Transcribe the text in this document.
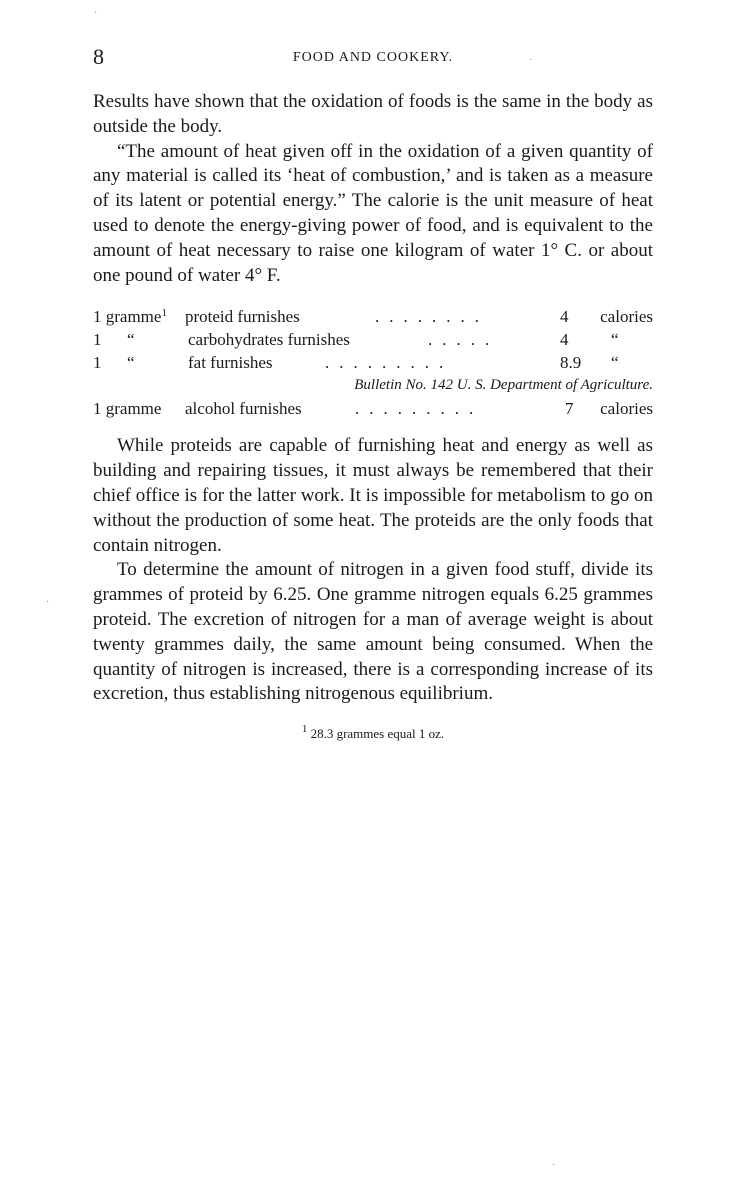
8	FOOD AND COOKERY.

Results have shown that the oxidation of foods is the same in the body as outside the body.

“The amount of heat given off in the oxidation of a given quantity of any material is called its ‘heat of combustion,’ and is taken as a measure of its latent or potential energy.” The calorie is the unit measure of heat used to denote the energy-giving power of food, and is equivalent to the amount of heat necessary to raise one kilogram of water 1° C. or about one pound of water 4° F.

1 gramme$^1$ proteid furnishes	........	4 calories
1 “	carbohydrates furnishes	.....	4	“
1 “	fat furnishes	.........	8.9 “
Bulletin No. 142 U. S. Department of Agriculture.
1 gramme alcohol furnishes	.........	7 calories

While proteids are capable of furnishing heat and energy as well as building and repairing tissues, it must always be remembered that their chief office is for the latter work. It is impossible for metabolism to go on without the production of some heat. The proteids are the only foods that contain nitrogen.

To determine the amount of nitrogen in a given food stuff, divide its grammes of proteid by 6.25. One gramme nitrogen equals 6.25 grammes proteid. The excretion of nitrogen for a man of average weight is about twenty grammes daily, the same amount being consumed. When the quantity of nitrogen is increased, there is a corresponding increase of its excretion, thus establishing nitrogenous equilibrium.

$^1$ 28.3 grammes equal 1 oz.
·
·
·
·
